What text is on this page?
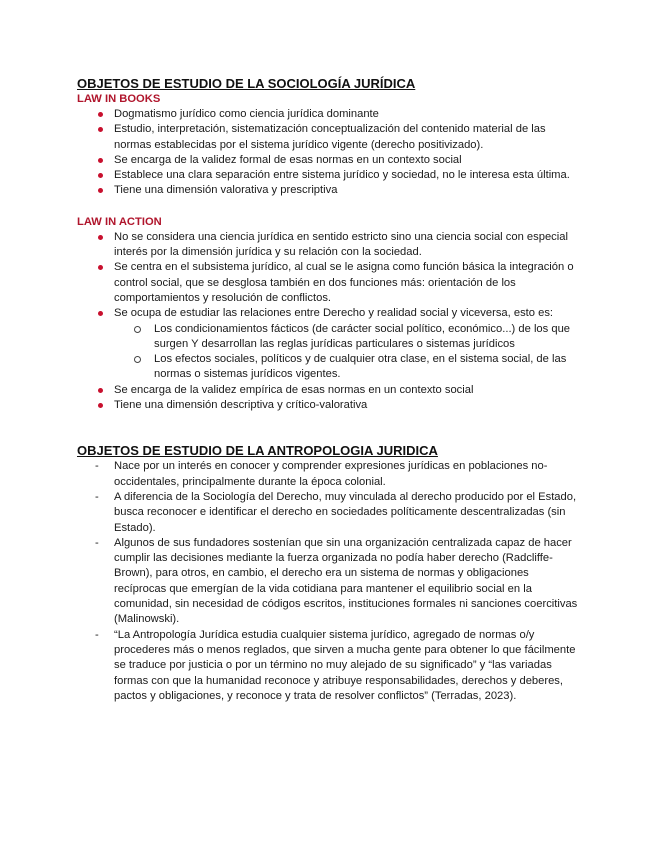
OBJETOS DE ESTUDIO DE LA SOCIOLOGÍA JURÍDICA
LAW IN BOOKS
Dogmatismo jurídico como ciencia jurídica dominante
Estudio, interpretación, sistematización conceptualización del contenido material de las normas establecidas por el sistema jurídico vigente (derecho positivizado).
Se encarga de la validez formal de esas normas en un contexto social
Establece una clara separación entre sistema jurídico y sociedad, no le interesa esta última.
Tiene una dimensión valorativa y prescriptiva
LAW IN ACTION
No se considera una ciencia jurídica en sentido estricto sino una ciencia social con especial interés por la dimensión jurídica y su relación con la sociedad.
Se centra en el subsistema jurídico, al cual se le asigna como función básica la integración o control social, que se desglosa también en dos funciones más: orientación de los comportamientos y resolución de conflictos.
Se ocupa de estudiar las relaciones entre Derecho y realidad social y viceversa, esto es:
Los condicionamientos fácticos (de carácter social político, económico...) de los que surgen Y desarrollan las reglas jurídicas particulares o sistemas jurídicos
Los efectos sociales, políticos y de cualquier otra clase, en el sistema social, de las normas o sistemas jurídicos vigentes.
Se encarga de la validez empírica de esas normas en un contexto social
Tiene una dimensión descriptiva y crítico-valorativa
OBJETOS DE ESTUDIO DE LA ANTROPOLOGIA JURIDICA
- Nace por un interés en conocer y comprender expresiones jurídicas en poblaciones no-occidentales, principalmente durante la época colonial.
- A diferencia de la Sociología del Derecho, muy vinculada al derecho producido por el Estado, busca reconocer e identificar el derecho en sociedades políticamente descentralizadas (sin Estado).
- Algunos de sus fundadores sostenían que sin una organización centralizada capaz de hacer cumplir las decisiones mediante la fuerza organizada no podía haber derecho (Radcliffe-Brown), para otros, en cambio, el derecho era un sistema de normas y obligaciones recíprocas que emergían de la vida cotidiana para mantener el equilibrio social en la comunidad, sin necesidad de códigos escritos, instituciones formales ni sanciones coercitivas (Malinowski).
- “La Antropología Jurídica estudia cualquier sistema jurídico, agregado de normas o/y procederes más o menos reglados, que sirven a mucha gente para obtener lo que fácilmente se traduce por justicia o por un término no muy alejado de su significado” y “las variadas formas con que la humanidad reconoce y atribuye responsabilidades, derechos y deberes, pactos y obligaciones, y reconoce y trata de resolver conflictos” (Terradas, 2023).
